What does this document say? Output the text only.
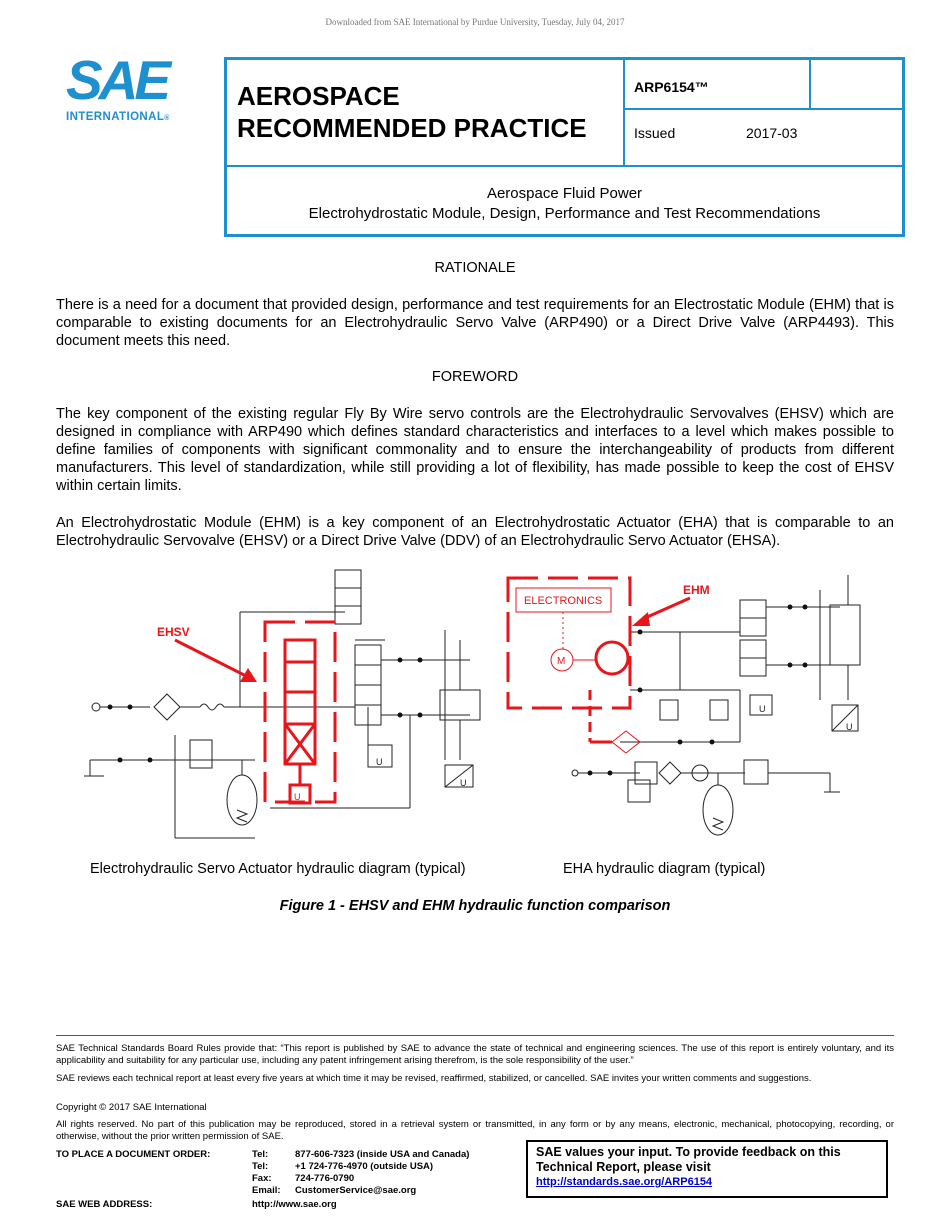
Downloaded from SAE International by Purdue University, Tuesday, July 04, 2017
SAE
INTERNATIONAL®
AEROSPACE
RECOMMENDED PRACTICE
ARP6154™
Issued	2017-03
Aerospace Fluid Power
Electrohydrostatic Module, Design, Performance and Test Recommendations
RATIONALE
There is a need for a document that provided design, performance and test requirements for an Electrostatic Module (EHM) that is comparable to existing documents for an Electrohydraulic Servo Valve (ARP490) or a Direct Drive Valve (ARP4493). This document meets this need.
FOREWORD
The key component of the existing regular Fly By Wire servo controls are the Electrohydraulic Servovalves (EHSV) which are designed in compliance with ARP490 which defines standard characteristics and interfaces to a level which makes possible to define families of components with significant commonality and to ensure the interchangeability of products from different manufacturers. This level of standardization, while still providing a lot of flexibility, has made possible to keep the cost of EHSV within certain limits.
An Electrohydrostatic Module (EHM) is a key component of an Electrohydrostatic Actuator (EHA) that is comparable to an Electrohydraulic Servovalve (EHSV) or a Direct Drive Valve (DDV) of an Electrohydraulic Servo Actuator (EHSA).
EHSV
U
ELECTRONICS
M
EHM
U
U
U
U
Electrohydraulic Servo Actuator hydraulic diagram (typical)	EHA hydraulic diagram (typical)
Figure 1 - EHSV and EHM hydraulic function comparison
SAE Technical Standards Board Rules provide that: “This report is published by SAE to advance the state of technical and engineering sciences. The use of this report is entirely voluntary, and its applicability and suitability for any particular use, including any patent infringement arising therefrom, is the sole responsibility of the user.”
SAE reviews each technical report at least every five years at which time it may be revised, reaffirmed, stabilized, or cancelled. SAE invites your written comments and suggestions.
Copyright © 2017 SAE International
All rights reserved. No part of this publication may be reproduced, stored in a retrieval system or transmitted, in any form or by any means, electronic, mechanical, photocopying, recording, or otherwise, without the prior written permission of SAE.
TO PLACE A DOCUMENT ORDER:	Tel:	877-606-7323 (inside USA and Canada)
Tel:	+1 724-776-4970 (outside USA)
Fax: 724-776-0790
Email: CustomerService@sae.org
SAE WEB ADDRESS:	http://www.sae.org
SAE values your input. To provide feedback on this
Technical Report, please visit
http://standards.sae.org/ARP6154
